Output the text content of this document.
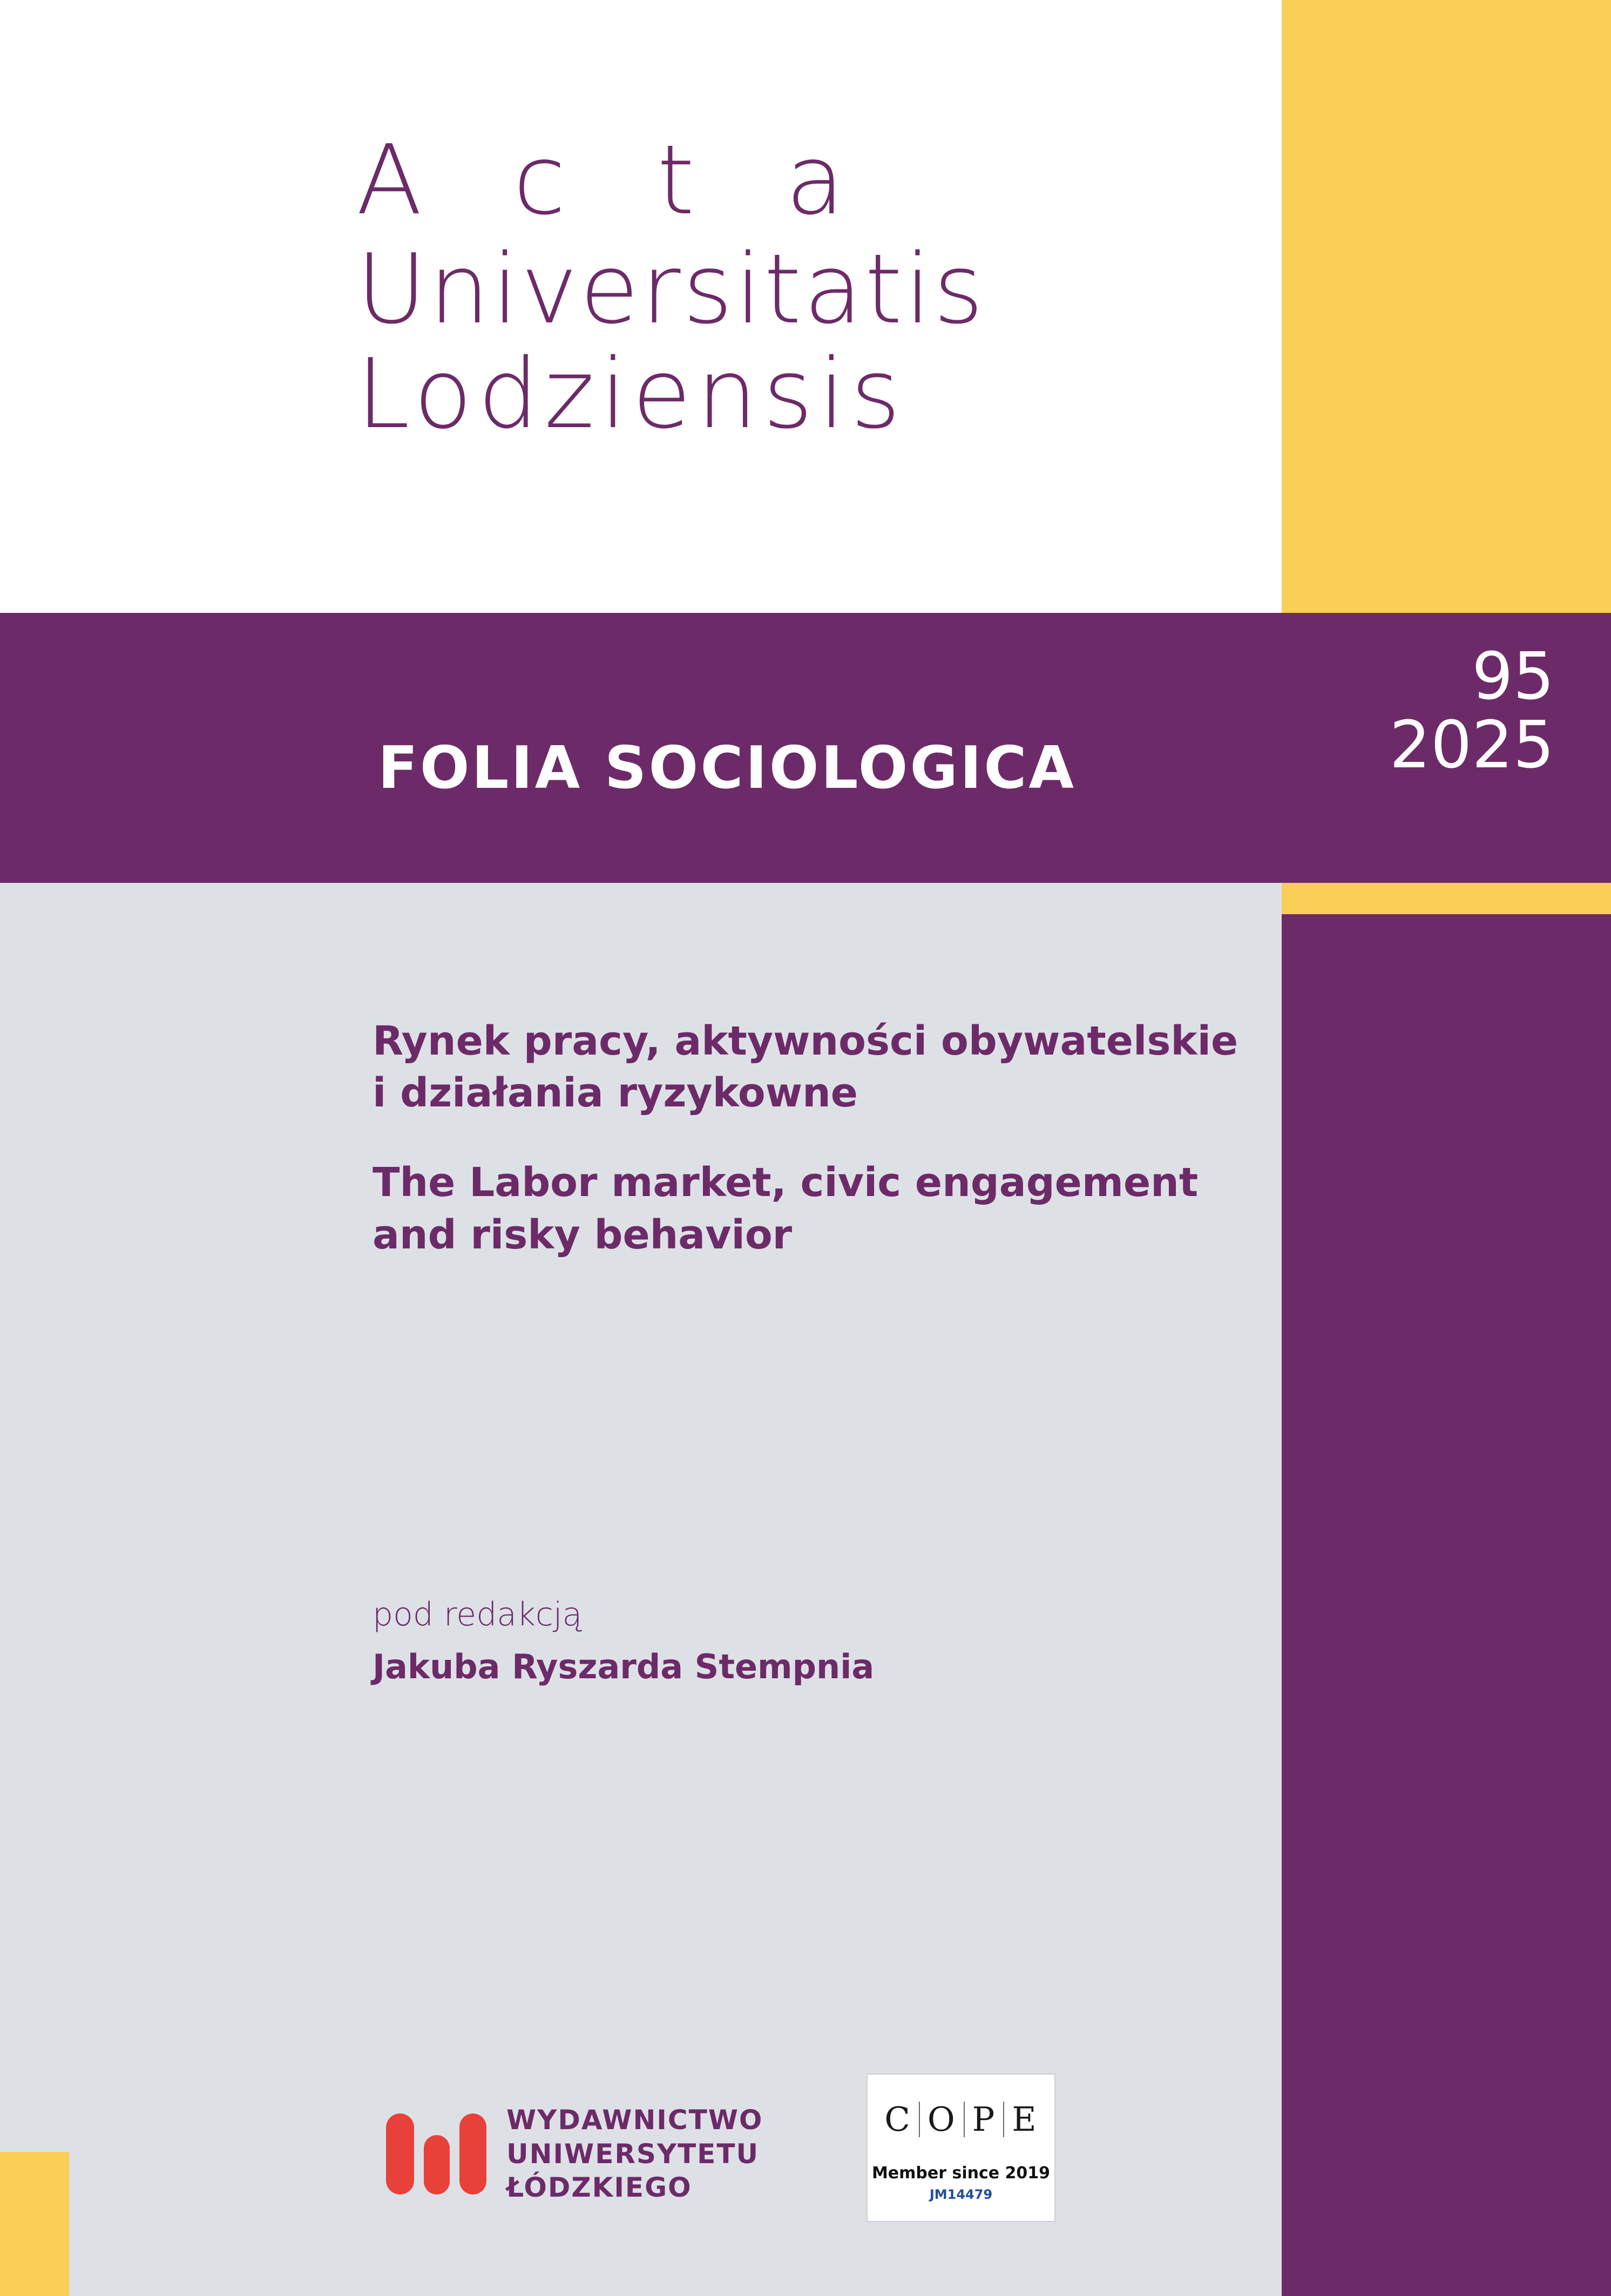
A c t a
Universitatis
Lodziensis
FOLIA SOCIOLOGICA
95
2025

Rynek pracy, aktywności obywatelskie i działania ryzykowne

The Labor market, civic engagement and risky behavior

pod redakcją
Jakuba Ryszarda Stempnia
WYDAWNICTWO
UNIWERSYTETU
ŁÓDZKIEGO
C O P E
Member since 2019
JM14479
